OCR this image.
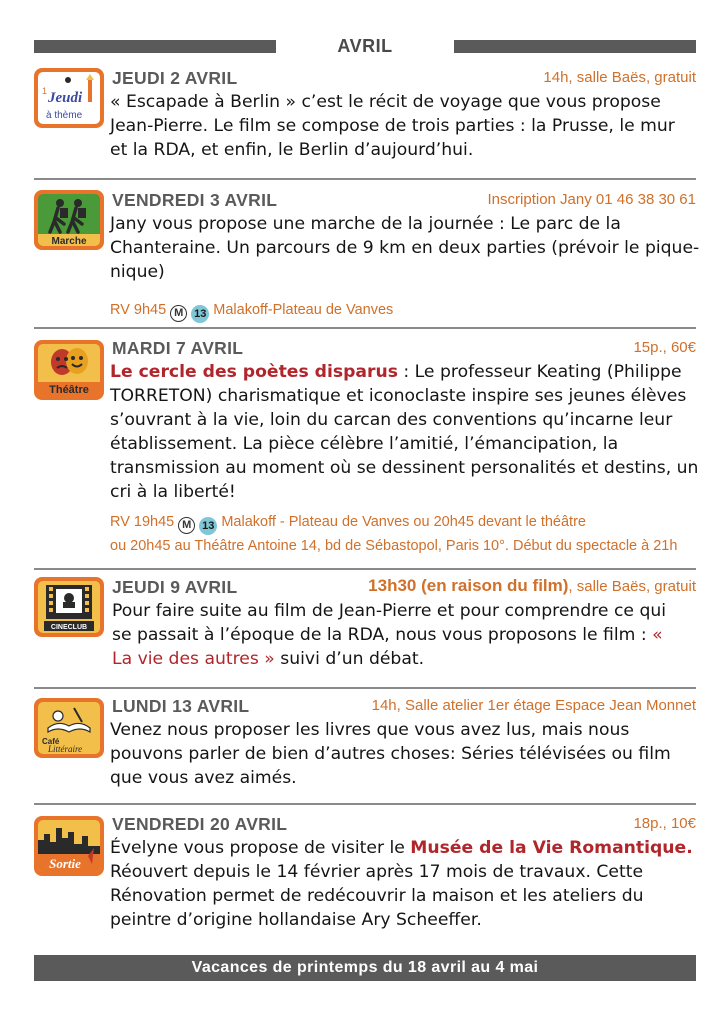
AVRIL
1 Jeudi
à thème
JEUDI 2 AVRIL	14h, salle Baës, gratuit
« Escapade à Berlin » c’est le récit de voyage que vous propose Jean-Pierre. Le film se compose de trois parties : la Prusse, le mur et la RDA, et enfin, le Berlin d’aujourd’hui.
Marche
VENDREDI 3 AVRIL	Inscription Jany 01 46 38 30 61
Jany vous propose une marche de la journée : Le parc de la Chanteraine. Un parcours de 9 km en deux parties (prévoir le pique-nique)
RV 9h45 M 13 Malakoff-Plateau de Vanves
Théâtre
MARDI 7 AVRIL	15p., 60€
Le cercle des poètes disparus : Le professeur Keating (Philippe TORRETON) charismatique et iconoclaste inspire ses jeunes élèves s’ouvrant à la vie, loin du carcan des conventions qu’incarne leur établissement. La pièce célèbre l’amitié, l’émancipation, la transmission au moment où se dessinent personalités et destins, un cri à la liberté!
RV 19h45 M 13 Malakoff - Plateau de Vanves ou 20h45 devant le théâtre
ou 20h45 au Théâtre Antoine 14, bd de Sébastopol, Paris 10°. Début du spectacle à 21h
CINECLUB
JEUDI 9 AVRIL	13h30 (en raison du film), salle Baës, gratuit
Pour faire suite au film de Jean-Pierre et pour comprendre ce qui se passait à l’époque de la RDA, nous vous proposons le film : « La vie des autres » suivi d’un débat.
Café
Littéraire
LUNDI 13 AVRIL	14h, Salle atelier 1er étage Espace Jean Monnet
Venez nous proposer les livres que vous avez lus, mais nous pouvons parler de bien d’autres choses: Séries télévisées ou film que vous avez aimés.
Sortie
VENDREDI 20 AVRIL	18p., 10€
Évelyne vous propose de visiter le Musée de la Vie Romantique. Réouvert depuis le 14 février après 17 mois de travaux. Cette Rénovation permet de redécouvrir la maison et les ateliers du peintre d’origine hollandaise Ary Scheeffer.
Vacances de printemps du 18 avril au 4 mai
